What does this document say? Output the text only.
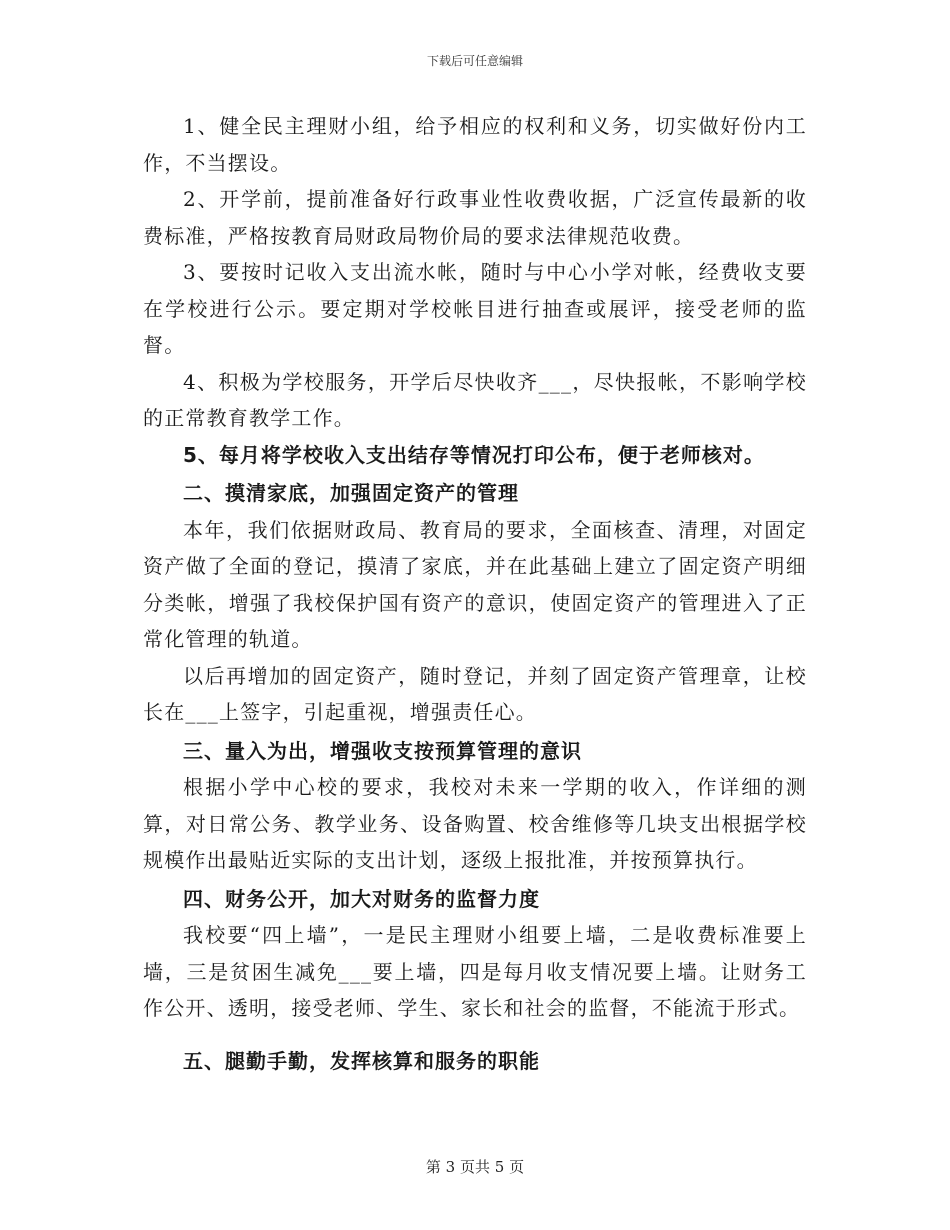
下载后可任意编辑

1、健全民主理财小组，给予相应的权利和义务，切实做好份内工作，不当摆设。

2、开学前，提前准备好行政事业性收费收据，广泛宣传最新的收费标准，严格按教育局财政局物价局的要求法律规范收费。

3、要按时记收入支出流水帐，随时与中心小学对帐，经费收支要在学校进行公示。要定期对学校帐目进行抽查或展评，接受老师的监督。

4、积极为学校服务，开学后尽快收齐___，尽快报帐，不影响学校的正常教育教学工作。

5、每月将学校收入支出结存等情况打印公布，便于老师核对。

二、摸清家底，加强固定资产的管理

本年，我们依据财政局、教育局的要求，全面核查、清理，对固定资产做了全面的登记，摸清了家底，并在此基础上建立了固定资产明细分类帐，增强了我校保护国有资产的意识，使固定资产的管理进入了正常化管理的轨道。

以后再增加的固定资产，随时登记，并刻了固定资产管理章，让校长在___上签字，引起重视，增强责任心。

三、量入为出，增强收支按预算管理的意识

根据小学中心校的要求，我校对未来一学期的收入，作详细的测算，对日常公务、教学业务、设备购置、校舍维修等几块支出根据学校规模作出最贴近实际的支出计划，逐级上报批准，并按预算执行。

四、财务公开，加大对财务的监督力度

我校要“四上墙”，一是民主理财小组要上墙，二是收费标准要上墙，三是贫困生减免___要上墙，四是每月收支情况要上墙。让财务工作公开、透明，接受老师、学生、家长和社会的监督，不能流于形式。

五、腿勤手勤，发挥核算和服务的职能

第 3 页共 5 页
